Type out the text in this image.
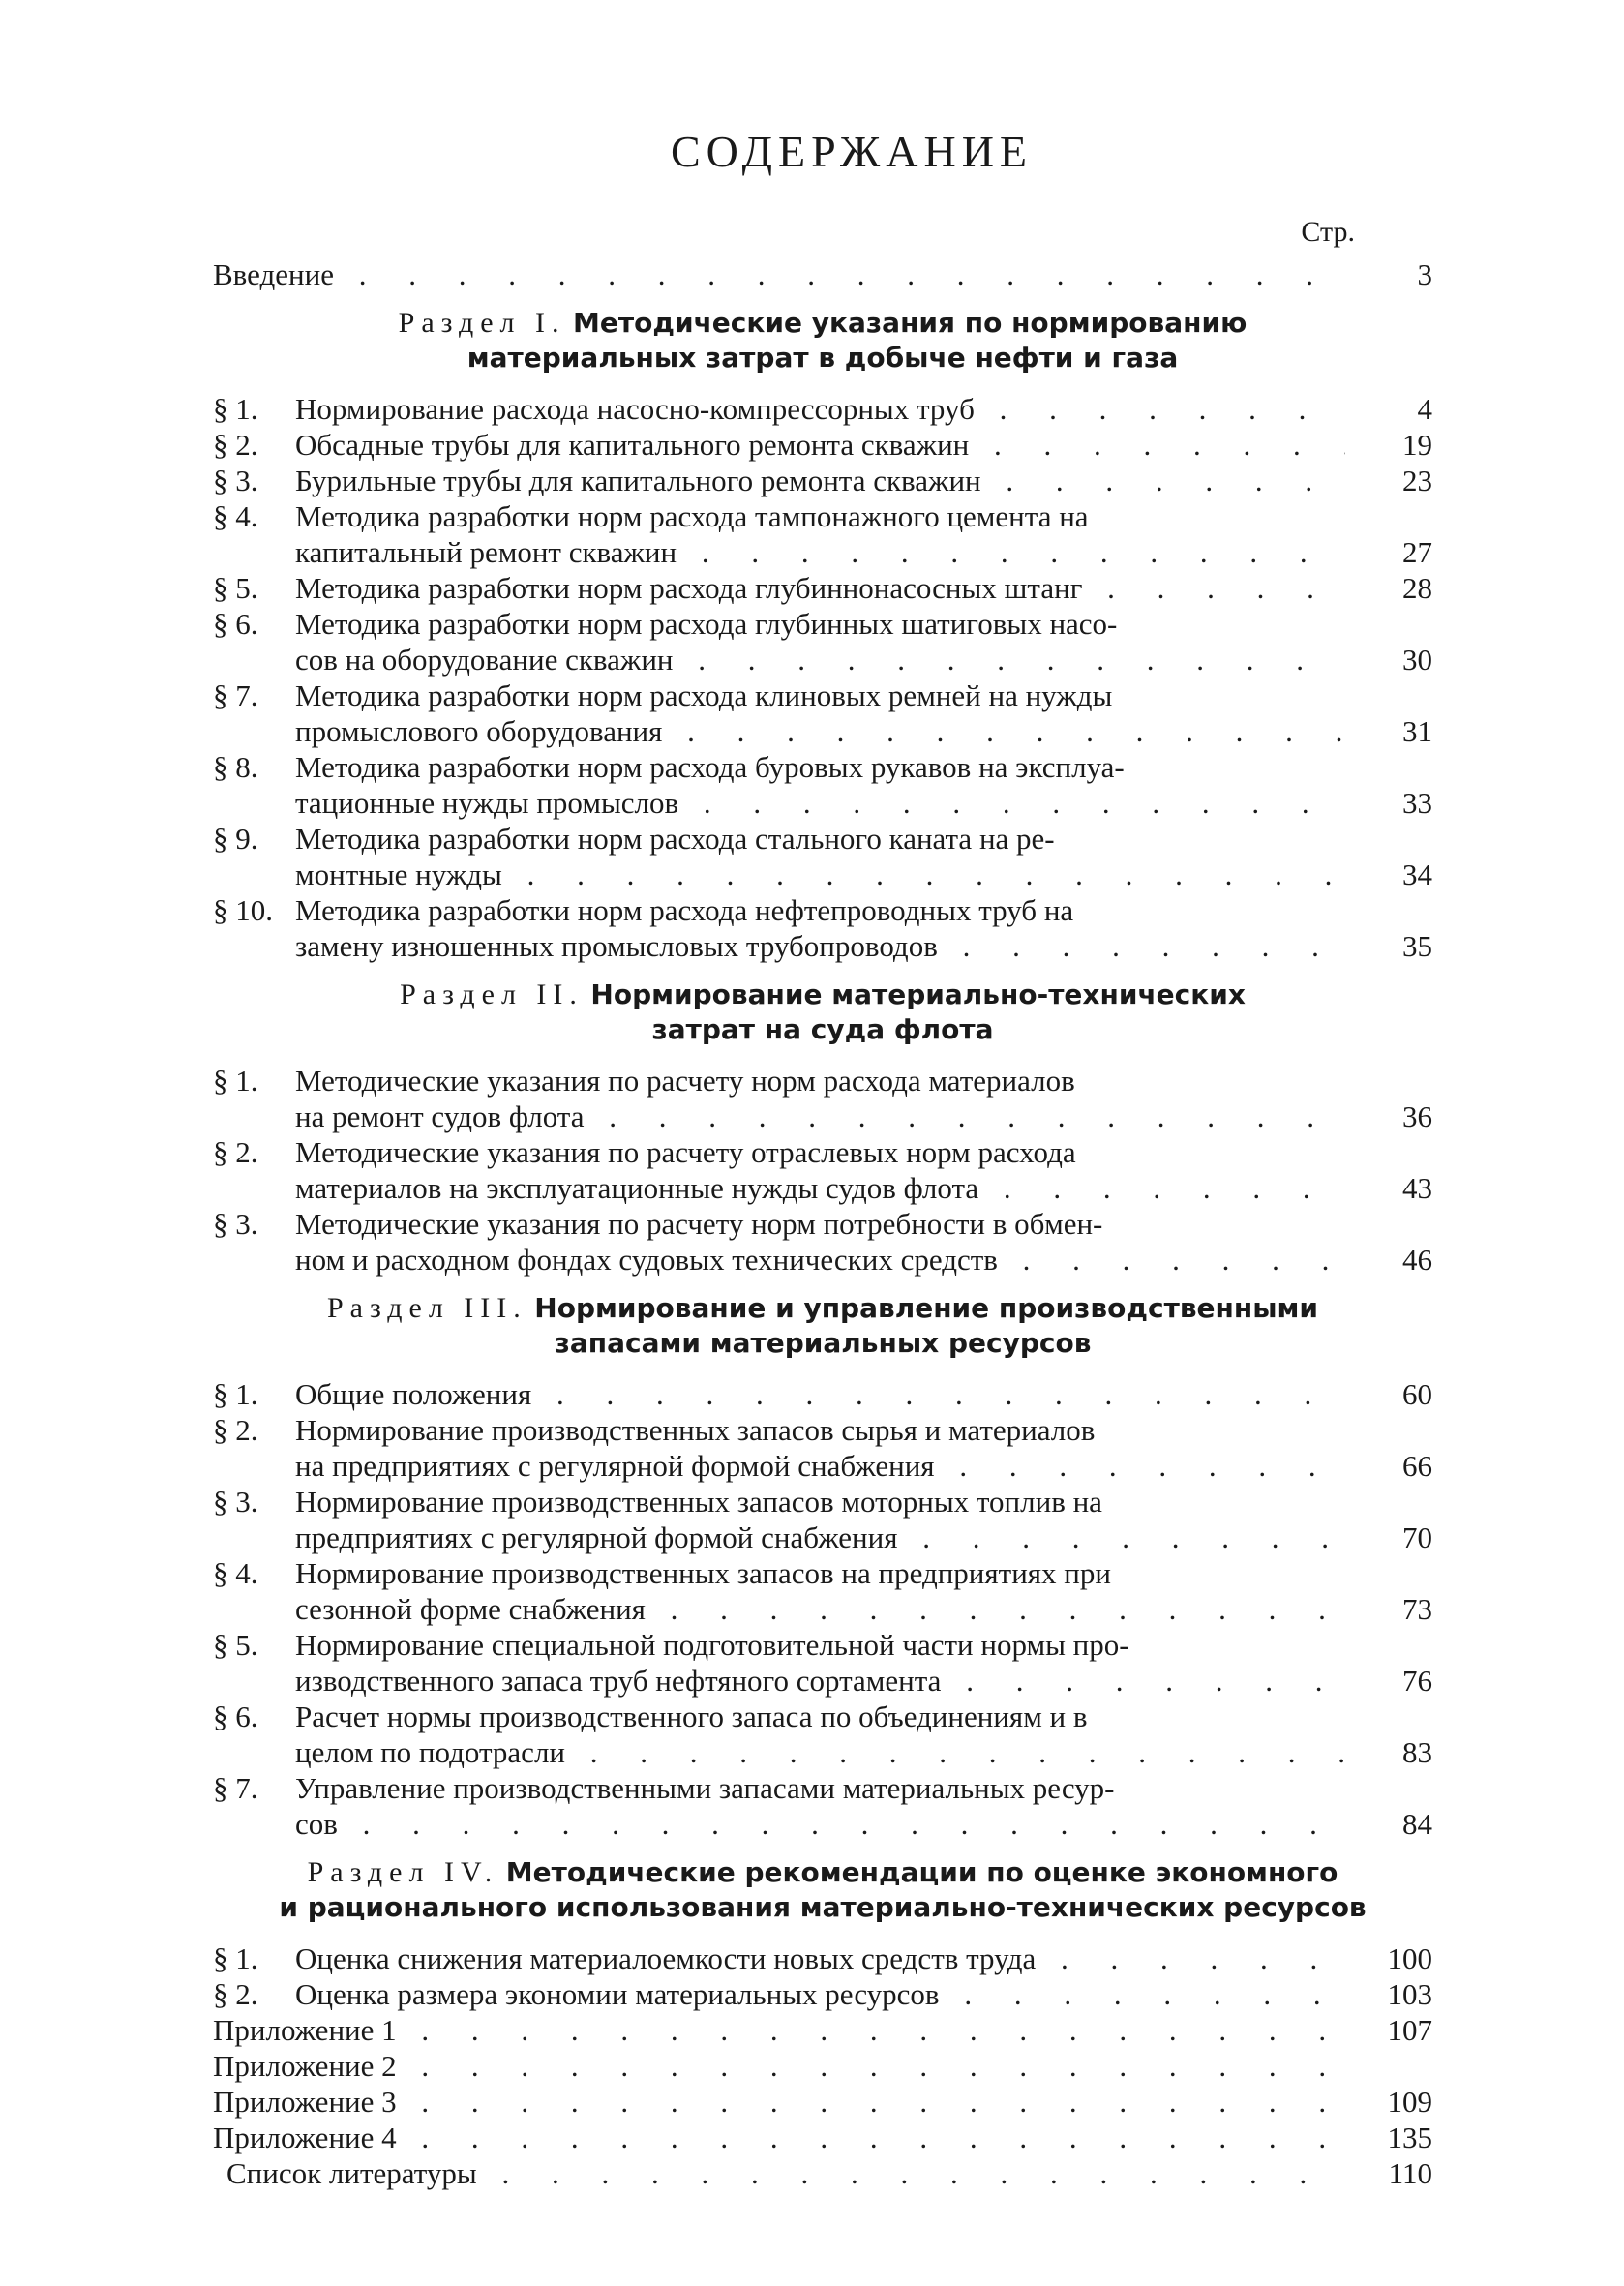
СОДЕРЖАНИЕ
Стр.
Введение . . .	3
Раздел I. Методические указания по нормированию
материальных затрат в добыче нефти и газа
§ 1. Нормирование расхода насосно-компрессорных труб . . .	4
§ 2. Обсадные трубы для капитального ремонта скважин . . .	19
§ 3. Бурильные трубы для капитального ремонта скважин . . .	23
§ 4. Методика разработки норм расхода тампонажного цемента на
капитальный ремонт скважин . . .	27
§ 5. Методика разработки норм расхода глубиннонасосных штанг . . .	28
§ 6. Методика разработки норм расхода глубинных шатиговых насо-
сов на оборудование скважин . . .	30
§ 7. Методика разработки норм расхода клиновых ремней на нужды
промыслового оборудования . . .	31
§ 8. Методика разработки норм расхода буровых рукавов на эксплуа-
тационные нужды промыслов . . .	33
§ 9. Методика разработки норм расхода стального каната на ре-
монтные нужды . . .	34
§ 10. Методика разработки норм расхода нефтепроводных труб на
замену изношенных промысловых трубопроводов . . .	35
Раздел II. Нормирование материально-технических
затрат на суда флота
§ 1. Методические указания по расчету норм расхода материалов
на ремонт судов флота . . .	36
§ 2. Методические указания по расчету отраслевых норм расхода
материалов на эксплуатационные нужды судов флота . . .	43
§ 3. Методические указания по расчету норм потребности в обмен-
ном и расходном фондах судовых технических средств . . .	46
Раздел III. Нормирование и управление производственными
запасами материальных ресурсов
§ 1. Общие положения . . .	60
§ 2. Нормирование производственных запасов сырья и материалов
на предприятиях с регулярной формой снабжения . . .	66
§ 3. Нормирование производственных запасов моторных топлив на
предприятиях с регулярной формой снабжения . . .	70
§ 4. Нормирование производственных запасов на предприятиях при
сезонной форме снабжения . . .	73
§ 5. Нормирование специальной подготовительной части нормы про-
изводственного запаса труб нефтяного сортамента . . .	76
§ 6. Расчет нормы производственного запаса по объединениям и в
целом по подотрасли . . .	83
§ 7. Управление производственными запасами материальных ресур-
сов . . .	84
Раздел IV. Методические рекомендации по оценке экономного
и рационального использования материально-технических ресурсов
§ 1. Оценка снижения материалоемкости новых средств труда . . .	100
§ 2. Оценка размера экономии материальных ресурсов . . .	103
Приложение 1 . . .	107
Приложение 2 . . .
Приложение 3 . . .	109
Приложение 4 . . .	135
Список литературы . . .	110
